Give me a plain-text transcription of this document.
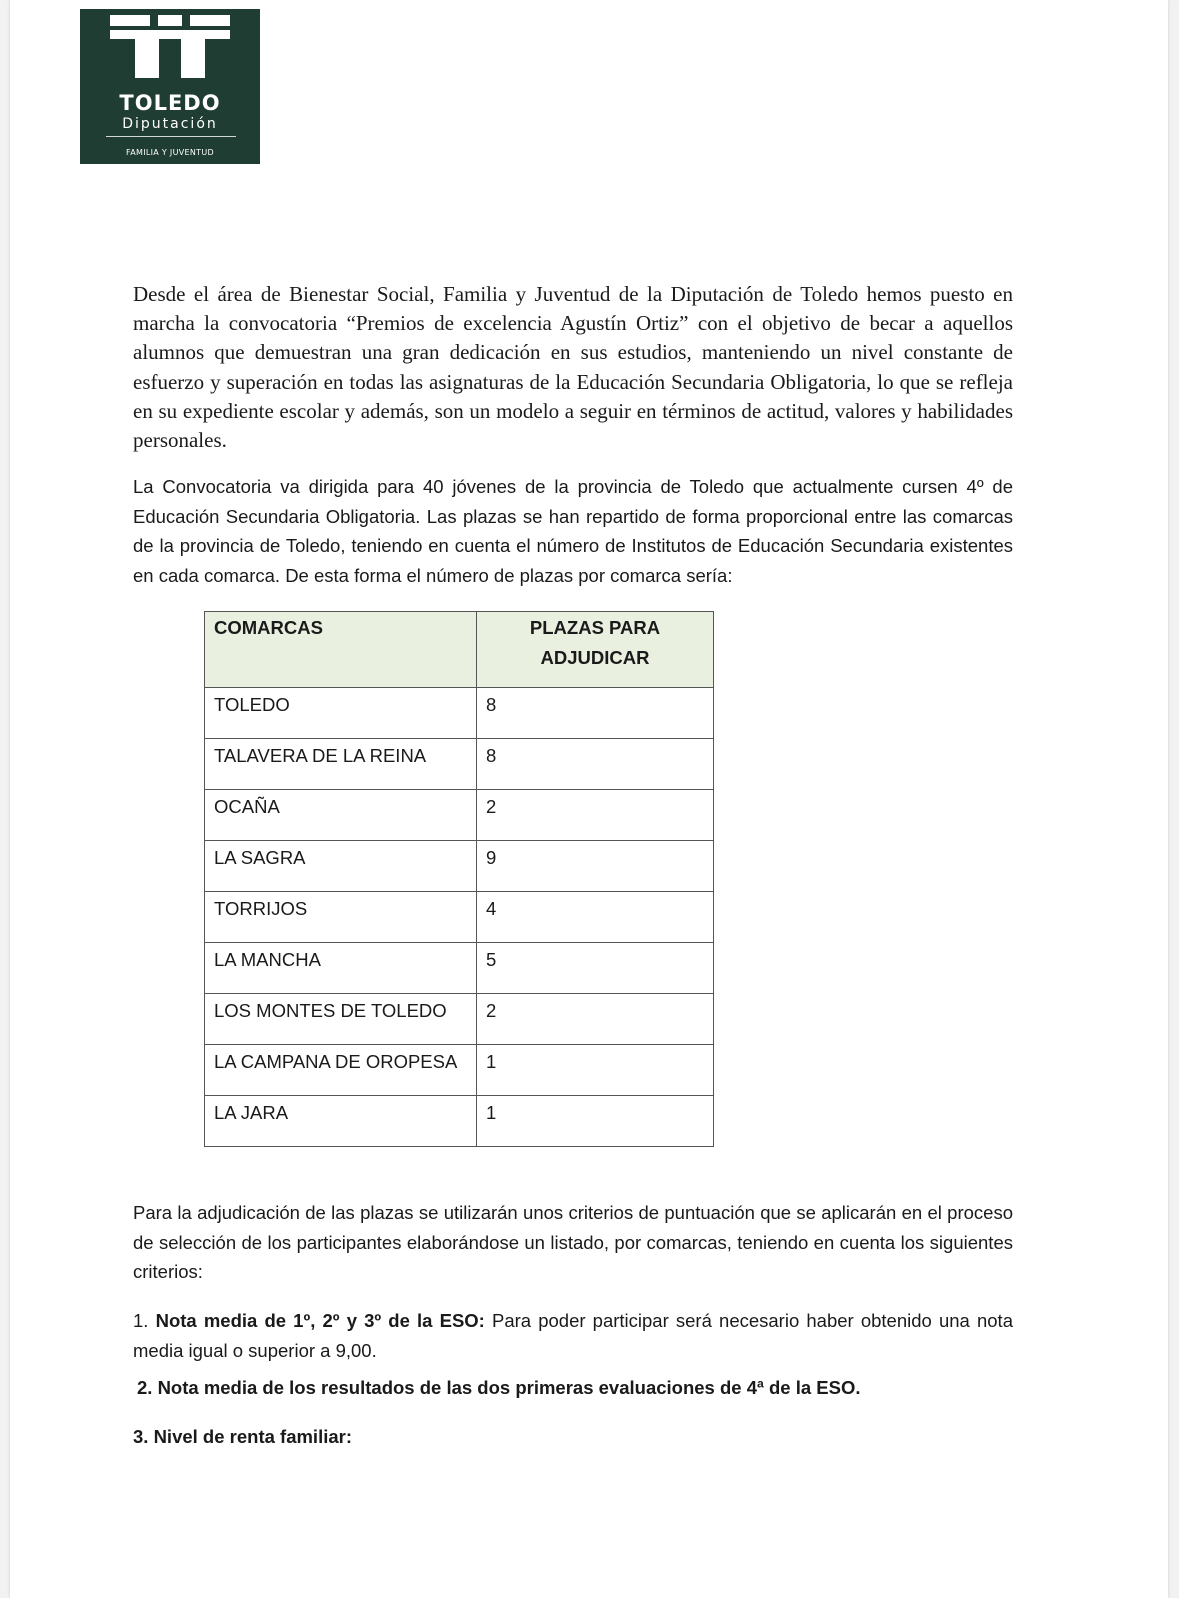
TOLEDO
Diputación
FAMILIA Y JUVENTUD

Desde el área de Bienestar Social, Familia y Juventud de la Diputación de Toledo hemos puesto en marcha la convocatoria “Premios de excelencia Agustín Ortiz” con el objetivo de becar a aquellos alumnos que demuestran una gran dedicación en sus estudios, manteniendo un nivel constante de esfuerzo y superación en todas las asignaturas de la Educación Secundaria Obligatoria, lo que se refleja en su expediente escolar y además, son un modelo a seguir en términos de actitud, valores y habilidades personales.

La Convocatoria va dirigida para 40 jóvenes de la provincia de Toledo que actualmente cursen 4º de Educación Secundaria Obligatoria. Las plazas se han repartido de forma proporcional entre las comarcas de la provincia de Toledo, teniendo en cuenta el número de Institutos de Educación Secundaria existentes en cada comarca. De esta forma el número de plazas por comarca sería:

COMARCAS	PLAZAS PARA ADJUDICAR
TOLEDO	8
TALAVERA DE LA REINA	8
OCAÑA	2
LA SAGRA	9
TORRIJOS	4
LA MANCHA	5
LOS MONTES DE TOLEDO	2
LA CAMPANA DE OROPESA	1
LA JARA	1

Para la adjudicación de las plazas se utilizarán unos criterios de puntuación que se aplicarán en el proceso de selección de los participantes elaborándose un listado, por comarcas, teniendo en cuenta los siguientes criterios:

1. Nota media de 1º, 2º y 3º de la ESO: Para poder participar será necesario haber obtenido una nota media igual o superior a 9,00.

2. Nota media de los resultados de las dos primeras evaluaciones de 4ª de la ESO.

3. Nivel de renta familiar:
